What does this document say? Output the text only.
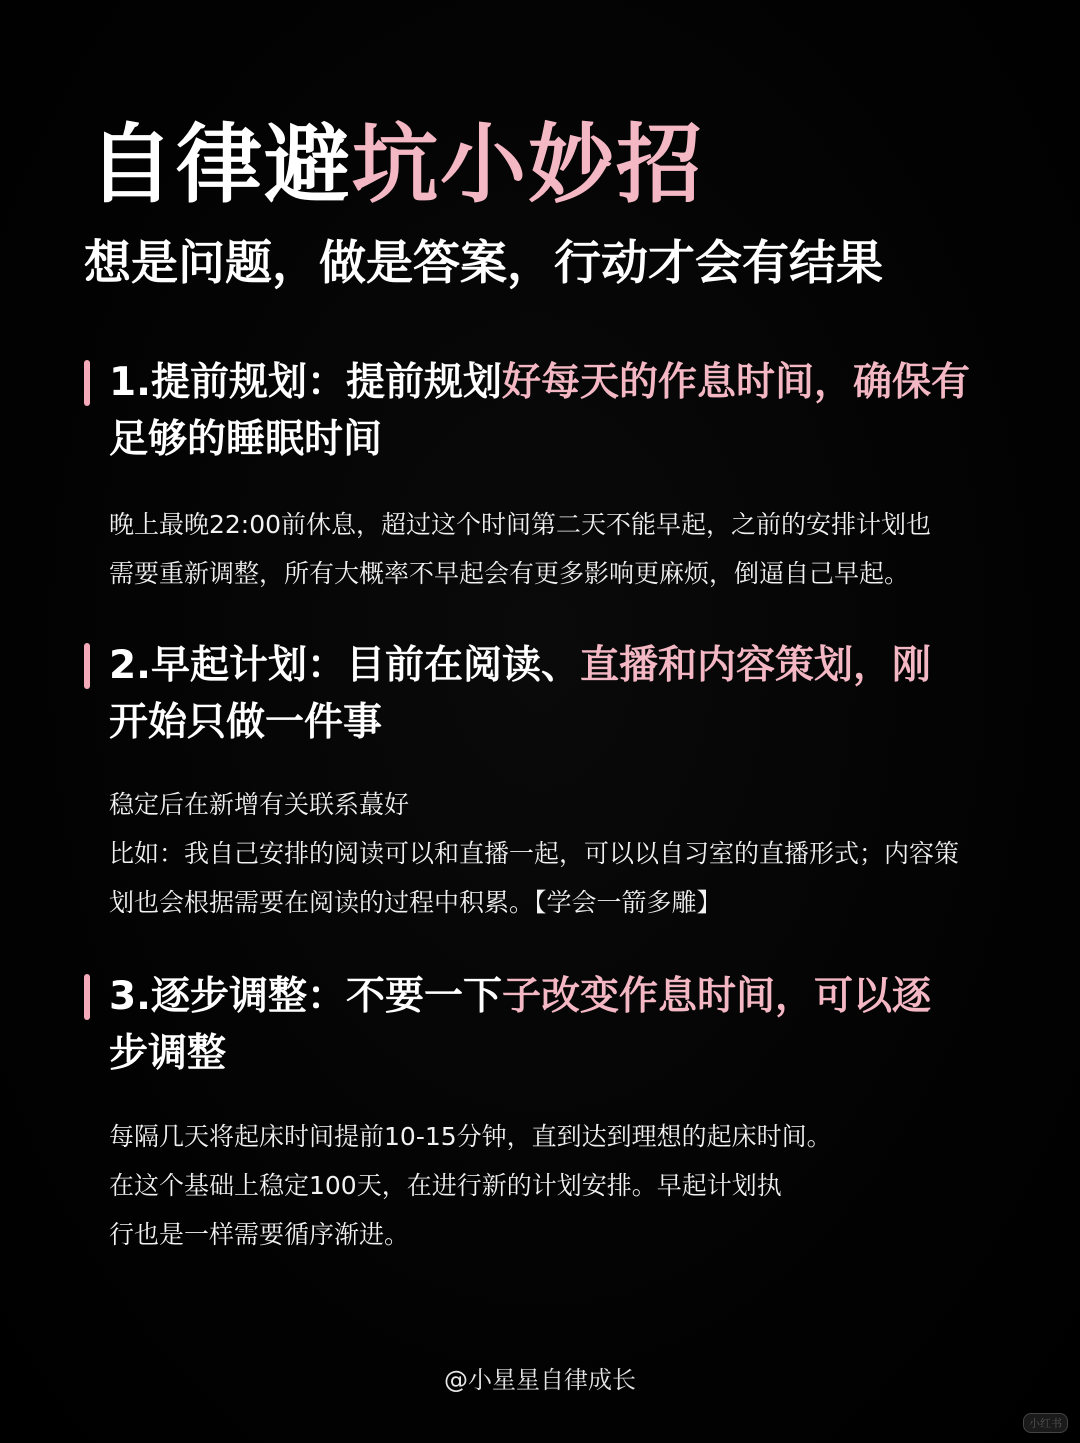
自律避坑小妙招
想是问题，做是答案，行动才会有结果
1.提前规划：提前规划好每天的作息时间，确保有
足够的睡眠时间
晚上最晚22:00前休息，超过这个时间第二天不能早起，之前的安排计划也
需要重新调整，所有大概率不早起会有更多影响更麻烦，倒逼自己早起。
2.早起计划：目前在阅读、直播和内容策划，刚
开始只做一件事
稳定后在新增有关联系蕞好
比如：我自己安排的阅读可以和直播一起，可以以自习室的直播形式；内容策
划也会根据需要在阅读的过程中积累。【学会一箭多雕】
3.逐步调整：不要一下子改变作息时间，可以逐
步调整
每隔几天将起床时间提前10-15分钟，直到达到理想的起床时间。
在这个基础上稳定100天，在进行新的计划安排。早起计划执
行也是一样需要循序渐进。
@小星星自律成长
小红书
